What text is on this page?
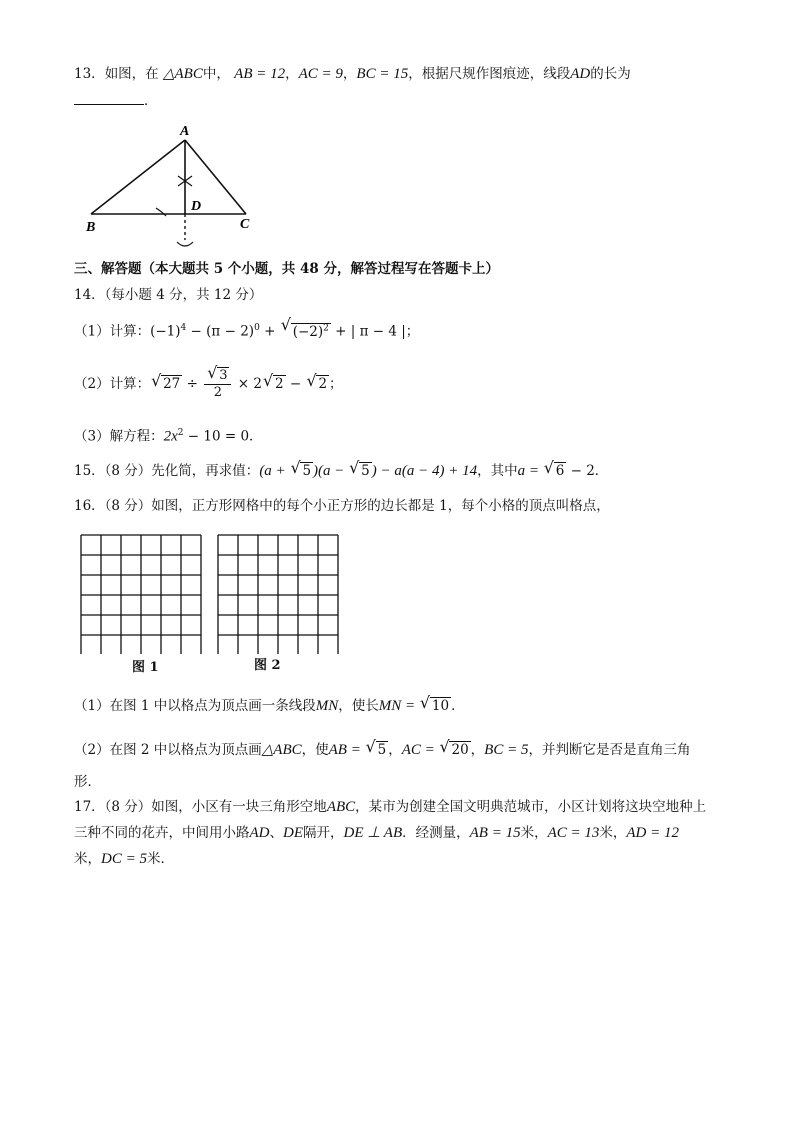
13．如图，在 △ABC中， AB = 12，AC = 9，BC = 15，根据尺规作图痕迹，线段AD的长为
．
A
B	C
D
三、解答题（本大题共 5 个小题，共 48 分，解答过程写在答题卡上）
14．（每小题 4 分，共 12 分）
（1）计算：$(-1)^4 - (\pi - 2)^0$ + √ $(-2)^2$ + | π − 4 |；
（2）计算：√ 27 ÷
√ $\frac{3}{2} \times 2√$ 2 − √ 2 ；
（3）解方程：$2x^2 - 10 = 0$．
15．（8 分）先化简，再求值：(a + √ 5 )(a − √ 5 ) − a(a − 4) + 14，其中a = √ 6 − 2．
16．（8 分）如图，正方形网格中的每个小正方形的边长都是 1，每个小格的顶点叫格点，
图 1	图 2
（1）在图 1 中以格点为顶点画一条线段MN，使长MN = √ 10 ．
（2）在图 2 中以格点为顶点画△ABC，使AB = √ 5 ，AC = √ 20 ，BC = 5，并判断它是否是直角三角
形．
17．（8 分）如图，小区有一块三角形空地ABC，某市为创建全国文明典范城市，小区计划将这块空地种上
三种不同的花卉，中间用小路AD、DE隔开，DE ⊥ AB．经测量，AB = 15米，AC = 13米，AD = 12
米，DC = 5米．
